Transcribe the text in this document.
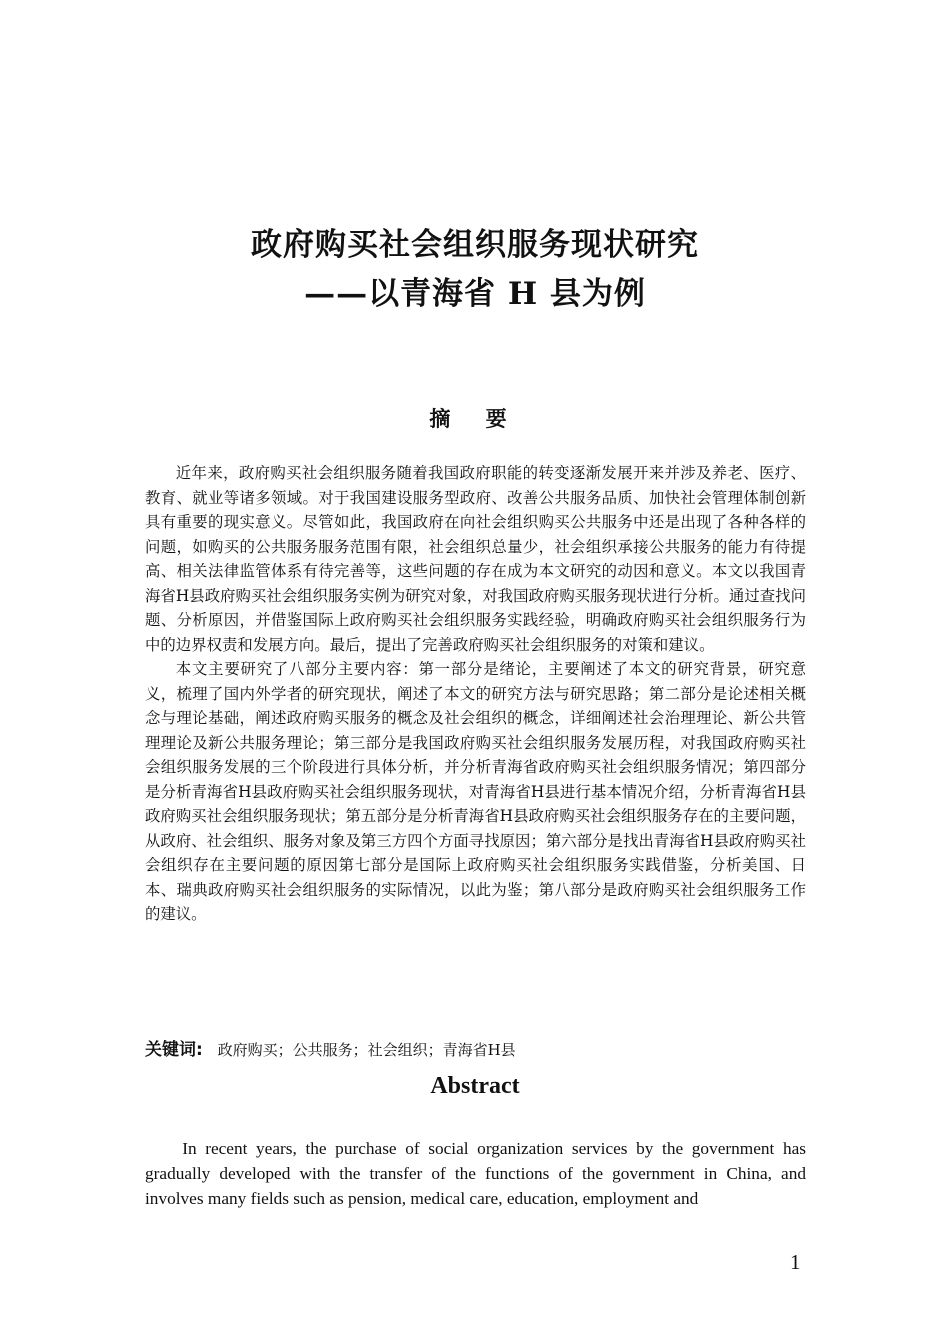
政府购买社会组织服务现状研究
——以青海省 H 县为例
摘 要

近年来，政府购买社会组织服务随着我国政府职能的转变逐渐发展开来并涉及养老、医疗、教育、就业等诸多领域。对于我国建设服务型政府、改善公共服务品质、加快社会管理体制创新具有重要的现实意义。尽管如此，我国政府在向社会组织购买公共服务中还是出现了各种各样的问题，如购买的公共服务服务范围有限，社会组织总量少，社会组织承接公共服务的能力有待提高、相关法律监管体系有待完善等，这些问题的存在成为本文研究的动因和意义。本文以我国青海省H县政府购买社会组织服务实例为研究对象，对我国政府购买服务现状进行分析。通过查找问题、分析原因，并借鉴国际上政府购买社会组织服务实践经验，明确政府购买社会组织服务行为中的边界权责和发展方向。最后，提出了完善政府购买社会组织服务的对策和建议。

本文主要研究了八部分主要内容：第一部分是绪论，主要阐述了本文的研究背景，研究意义，梳理了国内外学者的研究现状，阐述了本文的研究方法与研究思路；第二部分是论述相关概念与理论基础，阐述政府购买服务的概念及社会组织的概念，详细阐述社会治理理论、新公共管理理论及新公共服务理论；第三部分是我国政府购买社会组织服务发展历程，对我国政府购买社会组织服务发展的三个阶段进行具体分析，并分析青海省政府购买社会组织服务情况；第四部分是分析青海省H县政府购买社会组织服务现状，对青海省H县进行基本情况介绍，分析青海省H县政府购买社会组织服务现状；第五部分是分析青海省H县政府购买社会组织服务存在的主要问题，从政府、社会组织、服务对象及第三方四个方面寻找原因；第六部分是找出青海省H县政府购买社会组织存在主要问题的原因第七部分是国际上政府购买社会组织服务实践借鉴，分析美国、日本、瑞典政府购买社会组织服务的实际情况，以此为鉴；第八部分是政府购买社会组织服务工作的建议。

关键词: 政府购买；公共服务；社会组织；青海省H县
Abstract

In recent years, the purchase of social organization services by the government has gradually developed with the transfer of the functions of the government in China, and involves many fields such as pension, medical care, education, employment and

1
